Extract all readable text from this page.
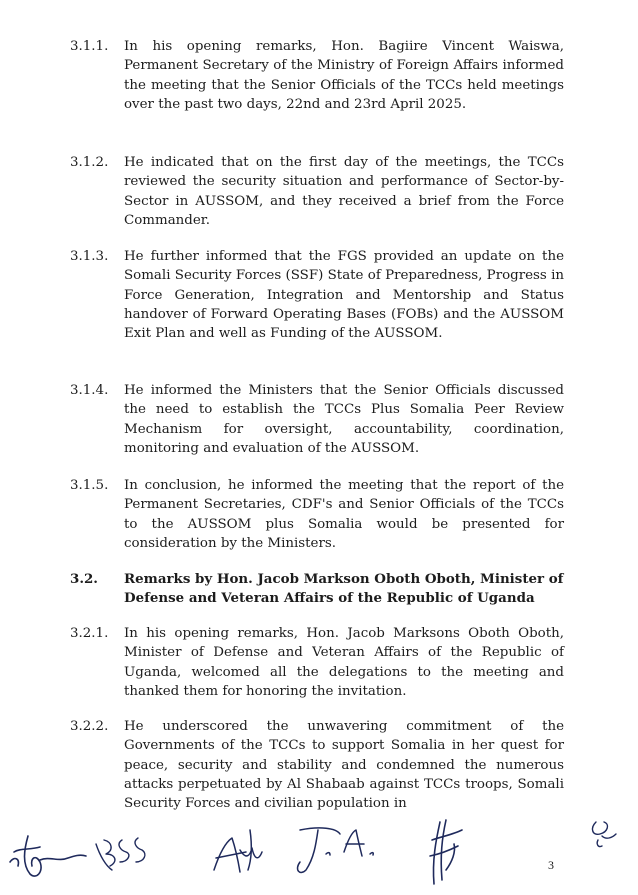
3.1.1.	In his opening remarks, Hon. Bagiire Vincent Waiswa, Permanent Secretary of the Ministry of Foreign Affairs informed the meeting that the Senior Officials of the TCCs held meetings over the past two days, 22nd and 23rd April 2025.
3.1.2.	He indicated that on the first day of the meetings, the TCCs reviewed the security situation and performance of Sector-by-Sector in AUSSOM, and they received a brief from the Force Commander.
3.1.3.	He further informed that the FGS provided an update on the Somali Security Forces (SSF) State of Preparedness, Progress in Force Generation, Integration and Mentorship and Status handover of Forward Operating Bases (FOBs) and the AUSSOM Exit Plan and well as Funding of the AUSSOM.
3.1.4.	He informed the Ministers that the Senior Officials discussed the need to establish the TCCs Plus Somalia Peer Review Mechanism for oversight, accountability, coordination, monitoring and evaluation of the AUSSOM.
3.1.5.	In conclusion, he informed the meeting that the report of the Permanent Secretaries, CDF's and Senior Officials of the TCCs to the AUSSOM plus Somalia would be presented for consideration by the Ministers.
3.2.	Remarks by Hon. Jacob Markson Oboth Oboth, Minister of Defense and Veteran Affairs of the Republic of Uganda
3.2.1.	In his opening remarks, Hon. Jacob Marksons Oboth Oboth, Minister of Defense and Veteran Affairs of the Republic of Uganda, welcomed all the delegations to the meeting and thanked them for honoring the invitation.
3.2.2.	He underscored the unwavering commitment of the Governments of the TCCs to support Somalia in her quest for peace, security and stability and condemned the numerous attacks perpetuated by Al Shabaab against TCCs troops, Somali Security Forces and civilian population in
3
